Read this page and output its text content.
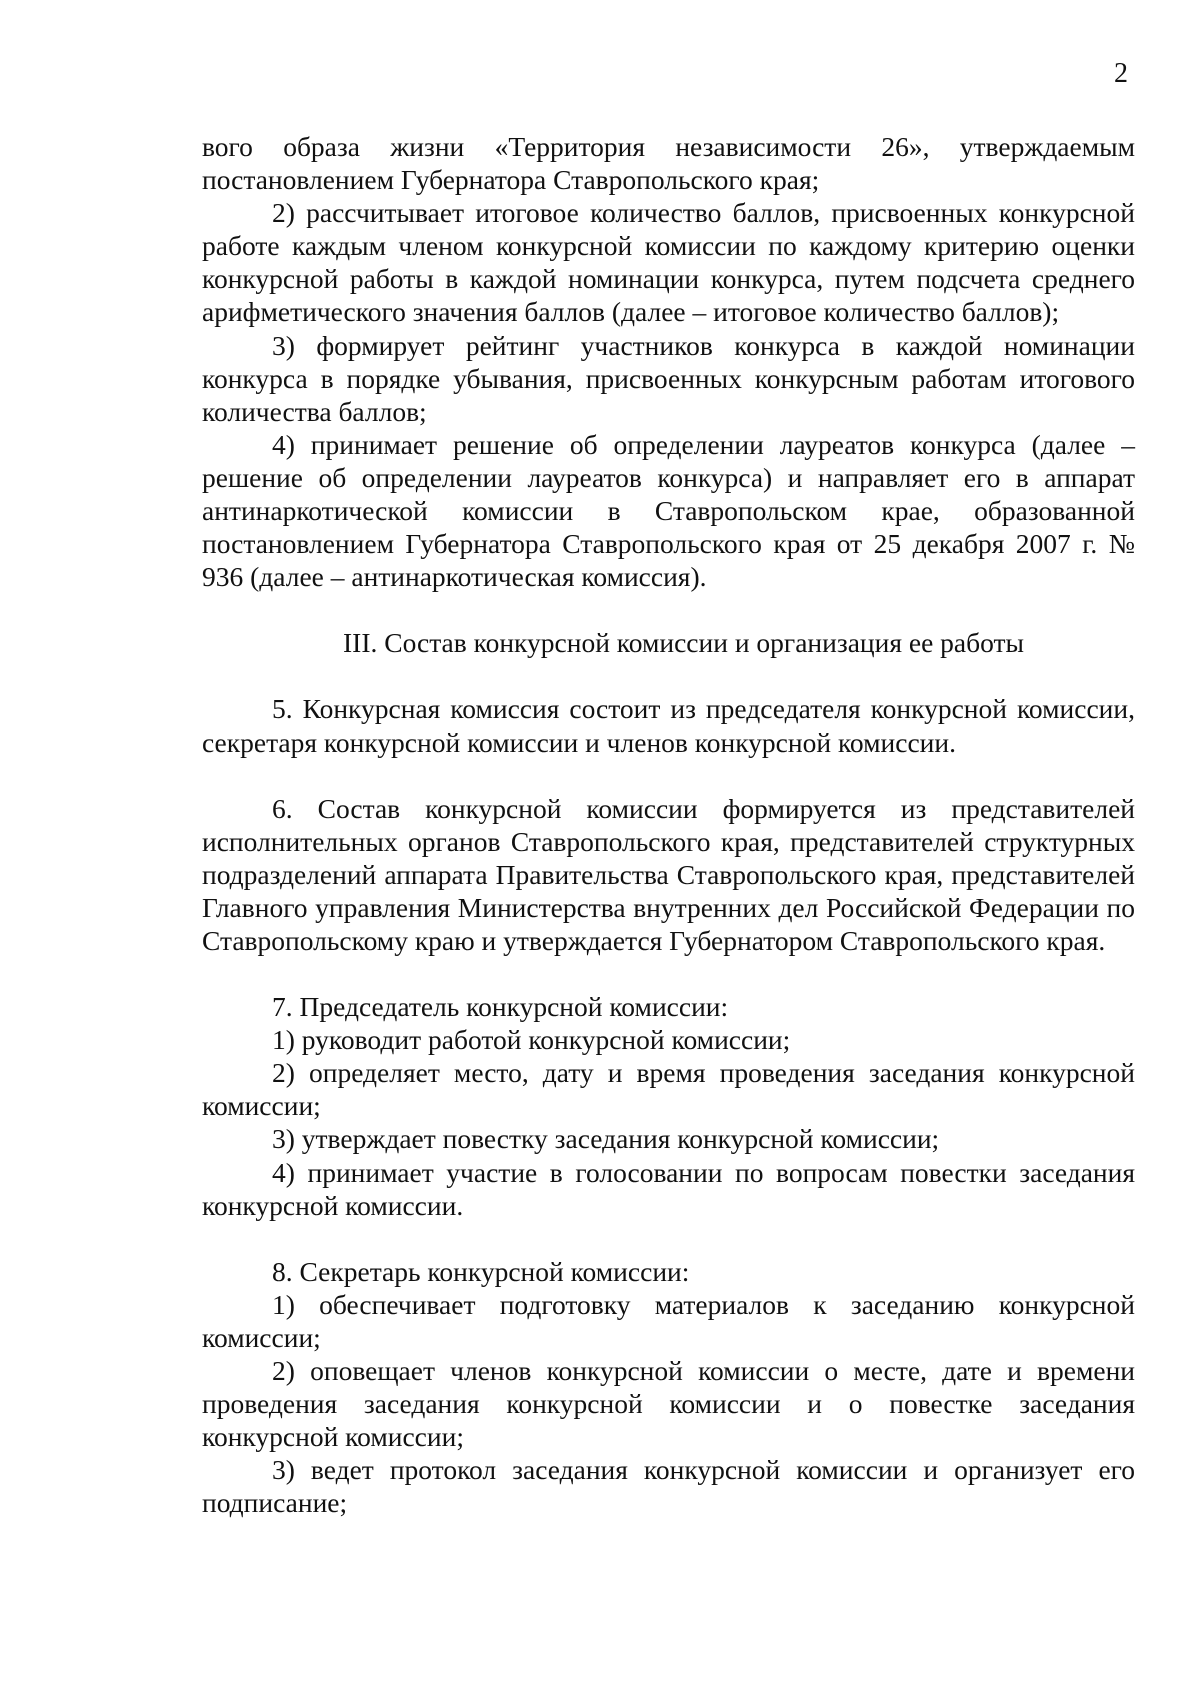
2

вого образа жизни «Территория независимости 26», утверждаемым постановлением Губернатора Ставропольского края;

2) рассчитывает итоговое количество баллов, присвоенных конкурсной работе каждым членом конкурсной комиссии по каждому критерию оценки конкурсной работы в каждой номинации конкурса, путем подсчета среднего арифметического значения баллов (далее – итоговое количество баллов);

3) формирует рейтинг участников конкурса в каждой номинации конкурса в порядке убывания, присвоенных конкурсным работам итогового количества баллов;

4) принимает решение об определении лауреатов конкурса (далее – решение об определении лауреатов конкурса) и направляет его в аппарат антинаркотической комиссии в Ставропольском крае, образованной постановлением Губернатора Ставропольского края от 25 декабря 2007 г. № 936 (далее – антинаркотическая комиссия).

III. Состав конкурсной комиссии и организация ее работы

5. Конкурсная комиссия состоит из председателя конкурсной комиссии, секретаря конкурсной комиссии и членов конкурсной комиссии.

6. Состав конкурсной комиссии формируется из представителей исполнительных органов Ставропольского края, представителей структурных подразделений аппарата Правительства Ставропольского края, представителей Главного управления Министерства внутренних дел Российской Федерации по Ставропольскому краю и утверждается Губернатором Ставропольского края.

7. Председатель конкурсной комиссии:

1) руководит работой конкурсной комиссии;

2) определяет место, дату и время проведения заседания конкурсной комиссии;

3) утверждает повестку заседания конкурсной комиссии;

4) принимает участие в голосовании по вопросам повестки заседания конкурсной комиссии.

8. Секретарь конкурсной комиссии:

1) обеспечивает подготовку материалов к заседанию конкурсной комиссии;

2) оповещает членов конкурсной комиссии о месте, дате и времени проведения заседания конкурсной комиссии и о повестке заседания конкурсной комиссии;

3) ведет протокол заседания конкурсной комиссии и организует его подписание;
